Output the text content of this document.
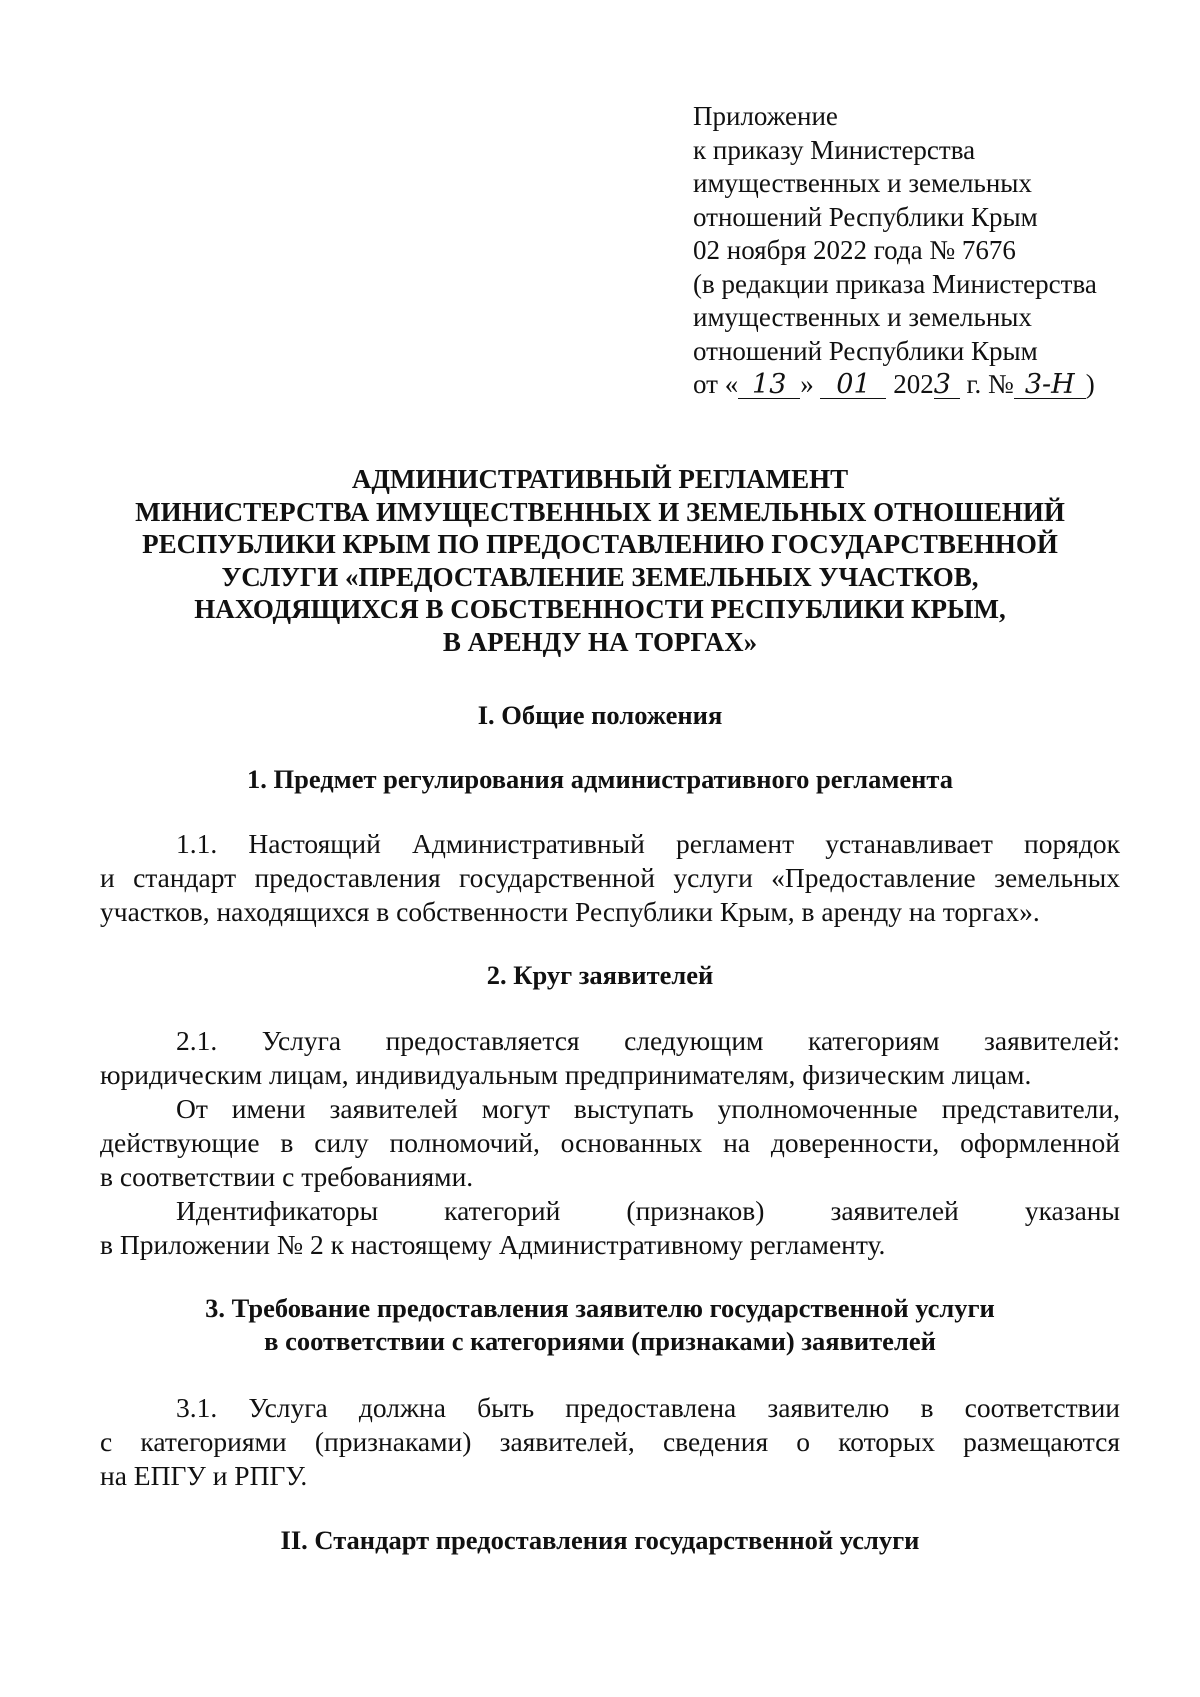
Приложение
к приказу Министерства
имущественных и земельных
отношений Республики Крым
02 ноября 2022 года № 7676
(в редакции приказа Министерства
имущественных и земельных
отношений Республики Крым
от « 13 » 01 2023 г. № 3-Н )
АДМИНИСТРАТИВНЫЙ РЕГЛАМЕНТ
МИНИСТЕРСТВА ИМУЩЕСТВЕННЫХ И ЗЕМЕЛЬНЫХ ОТНОШЕНИЙ
РЕСПУБЛИКИ КРЫМ ПО ПРЕДОСТАВЛЕНИЮ ГОСУДАРСТВЕННОЙ
УСЛУГИ «ПРЕДОСТАВЛЕНИЕ ЗЕМЕЛЬНЫХ УЧАСТКОВ,
НАХОДЯЩИХСЯ В СОБСТВЕННОСТИ РЕСПУБЛИКИ КРЫМ,
В АРЕНДУ НА ТОРГАХ»
I. Общие положения
1. Предмет регулирования административного регламента
1.1. Настоящий Административный регламент устанавливает порядок
и стандарт предоставления государственной услуги «Предоставление земельных
участков, находящихся в собственности Республики Крым, в аренду на торгах».
2. Круг заявителей
2.1. Услуга предоставляется следующим категориям заявителей:
юридическим лицам, индивидуальным предпринимателям, физическим лицам.
От имени заявителей могут выступать уполномоченные представители,
действующие в силу полномочий, основанных на доверенности, оформленной
в соответствии с требованиями.
Идентификаторы категорий (признаков) заявителей указаны
в Приложении № 2 к настоящему Административному регламенту.
3. Требование предоставления заявителю государственной услуги
в соответствии с категориями (признаками) заявителей
3.1. Услуга должна быть предоставлена заявителю в соответствии
с категориями (признаками) заявителей, сведения о которых размещаются
на ЕПГУ и РПГУ.
II. Стандарт предоставления государственной услуги
